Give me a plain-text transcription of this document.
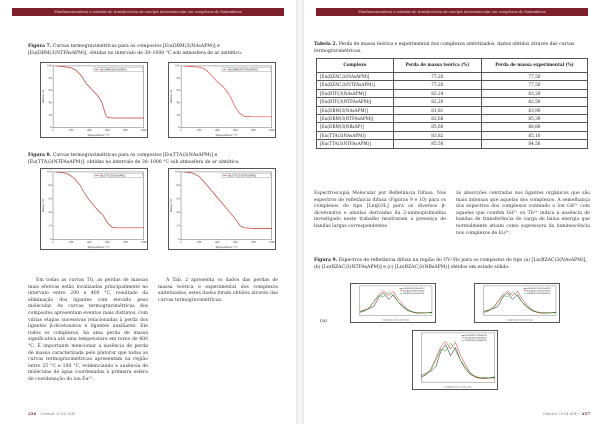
Fotoluminescência e estudos de transferência de energia intramolecular em complexos de lantanídeos
Figura 7. Curvas termogravimétricas para os compostos [Eu(DBM)3(NAsAPM)] e [Eu(DBM)3(NTFAsAPM)], obtidas no intervalo de 30–1000 °C sob atmosfera de ar sintético.
0	200	400	600	800	1000
0
20
40
60
80
100
[Eu(DBM)3(NAsAPM)]
Temperatura / °C
Massa / %
0	200	400	600	800	1000
0
20
40
60
80
100
[Eu(DBM)3(NTFAsAPM)]
Temperatura / °C
Massa / %
Figura 8. Curvas termogravimétricas para os compostos [Eu(TTA)3(NAsAPM)] e [Eu(TTA)3(NTFAsAPM)], obtidas no intervalo de 30–1000 °C sob atmosfera de ar sintético.
0	200	400	600	800	1000
0
20
40
60
80
100
[Eu(TTA)3(NAsAPM)]
Temperatura / °C
Massa / %
0	200	400	600	800	1000
0
20
40
60
80
100
[Eu(TTA)3(NTFAsAPM)]
Temperatura / °C
Massa / %

Em todas as curvas TG, as perdas de massas mais efetivas estão localizadas principalmente no intervalo entre 200 e 400 °C, resultado da eliminação dos ligantes com elevado peso molecular. As curvas termogravimétricas dos compostos apresentam eventos mais distintos, com várias etapas sucessivas relacionadas à perda dos ligantes β-dicetonatos e ligantes auxiliares. Em todos os complexos, há uma perda de massa significativa até uma temperatura em torno de 400 °C. É importante mencionar a ausência de perda de massa caracterizada pelo platorar que todas as curvas termogravimétricas apresentam na região entre 25 °C e 100 °C, evidenciando a ausência de moléculas de água coordenadas à primeira esfera de coordenação do íon Eu³⁺.

A Tab. 2 apresenta os dados das perdas de massa teórica e experimental dos complexos sintetizados, estes dados foram obtidos através das curvas termogravimétricas.

256 Orbital 2014 6(4)
Fotoluminescência e estudos de transferência de energia intramolecular em complexos de lantanídeos
Tabela 2. Perda de massa teórica e experimental dos complexos sintetizados, dados obtidos através das curvas termogravimétricas.
Complexo	Perda de massa teórica (%)	Perda de massa experimental (%)
[Eu(BZAC)3(NAsAPM)]	77,20	77,50
[Eu(BZAC)3(NTFAsAPM)]	77,20	77,50
[Eu(BTF)3(NAsAPM)]	83,24	83,20
[Eu(BTF)3(NTFAsAPM)]	82,20	82,50
[Eu(DBM)3(NAsAPM)]	81,81	83,90
[Eu(DBM)3(NTFAsAPM)]	82,68	85,39
[Eu(DBM)3(NBzAP)]	85,60	88,80
[Eu(TTA)3(NAsAPM)]	83,82	85,10
[Eu(TTA)3(NTFAsAPM)]	85,50	84,50

Espectroscopia Molecular por Refletância Difusa. Nos espectros de refletância difusa (Figuras 9 e 10) para os complexos do tipo [Ln(β)3L] para os diversos β-dicetonatos e amidas derivadas da 2-aminopirimidina investigado neste trabalho mostraram a presença de bandas largas correspondentes

às absorções centradas nos ligantes orgânicos que são mais intensas que aquelas dos complexos. A semelhança dos espectros dos complexos contendo o íon Gd³⁺ com aqueles que contêm Gd³⁺ ou Tb³⁺ indica a ausência de bandas de transferência de carga de baixa energia que normalmente atuam como supressora da luminescência nos complexos de Eu³⁺.

Figura 9. Espectros de refletância difusa na região do UV–Vis para os compostos do tipo (a) [Ln(BZAC)3(NAsAPM)], (b) [Ln(BZAC)3(NTFAsAPM)] e (c) [Ln(BZAC)3(NBzAPM)] obtidos em estado sólido.
[Gd(BZAC)3(NAsAPM)]
[Eu(BZAC)3(NAsAPM)]
[Tb(BZAC)3(NAsAPM)]
Comprimento de onda (nm)
(a)
[Gd(BZAC)3(NTFAsAPM)]
[Eu(BZAC)3(NTFAsAPM)]
[Tb(BZAC)3(NTFAsAPM)]
Comprimento de onda (nm)
[Gd(BZAC)3(NBzAPM)]
[Eu(BZAC)3(NBzAPM)]
[Tb(BZAC)3(NBzAPM)]
Comprimento de onda (nm)
Orbital 2014 6(4) 257
